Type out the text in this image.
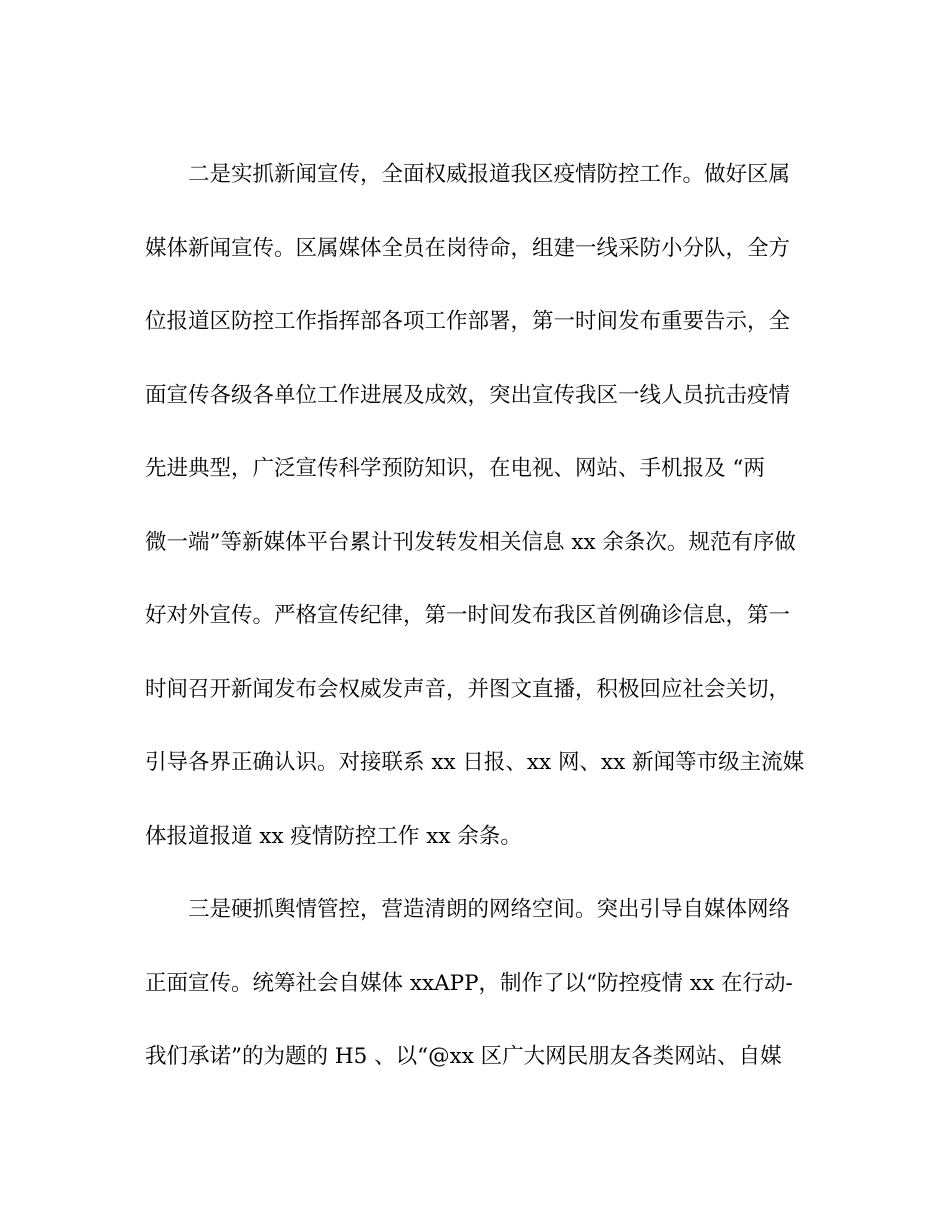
二是实抓新闻宣传，全面权威报道我区疫情防控工作。做好区属
媒体新闻宣传。区属媒体全员在岗待命，组建一线采防小分队，全方
位报道区防控工作指挥部各项工作部署，第一时间发布重要告示，全
面宣传各级各单位工作进展及成效，突出宣传我区一线人员抗击疫情
先进典型，广泛宣传科学预防知识，在电视、网站、手机报及 “两
微一端”等新媒体平台累计刊发转发相关信息 xx 余条次。规范有序做
好对外宣传。严格宣传纪律，第一时间发布我区首例确诊信息，第一
时间召开新闻发布会权威发声音，并图文直播，积极回应社会关切，
引导各界正确认识。对接联系 xx 日报、xx 网、xx 新闻等市级主流媒
体报道报道 xx 疫情防控工作 xx 余条。
三是硬抓舆情管控，营造清朗的网络空间。突出引导自媒体网络
正面宣传。统筹社会自媒体 xxAPP，制作了以“防控疫情 xx 在行动-
我们承诺”的为题的 H5 、以“@xx 区广大网民朋友各类网站、自媒
